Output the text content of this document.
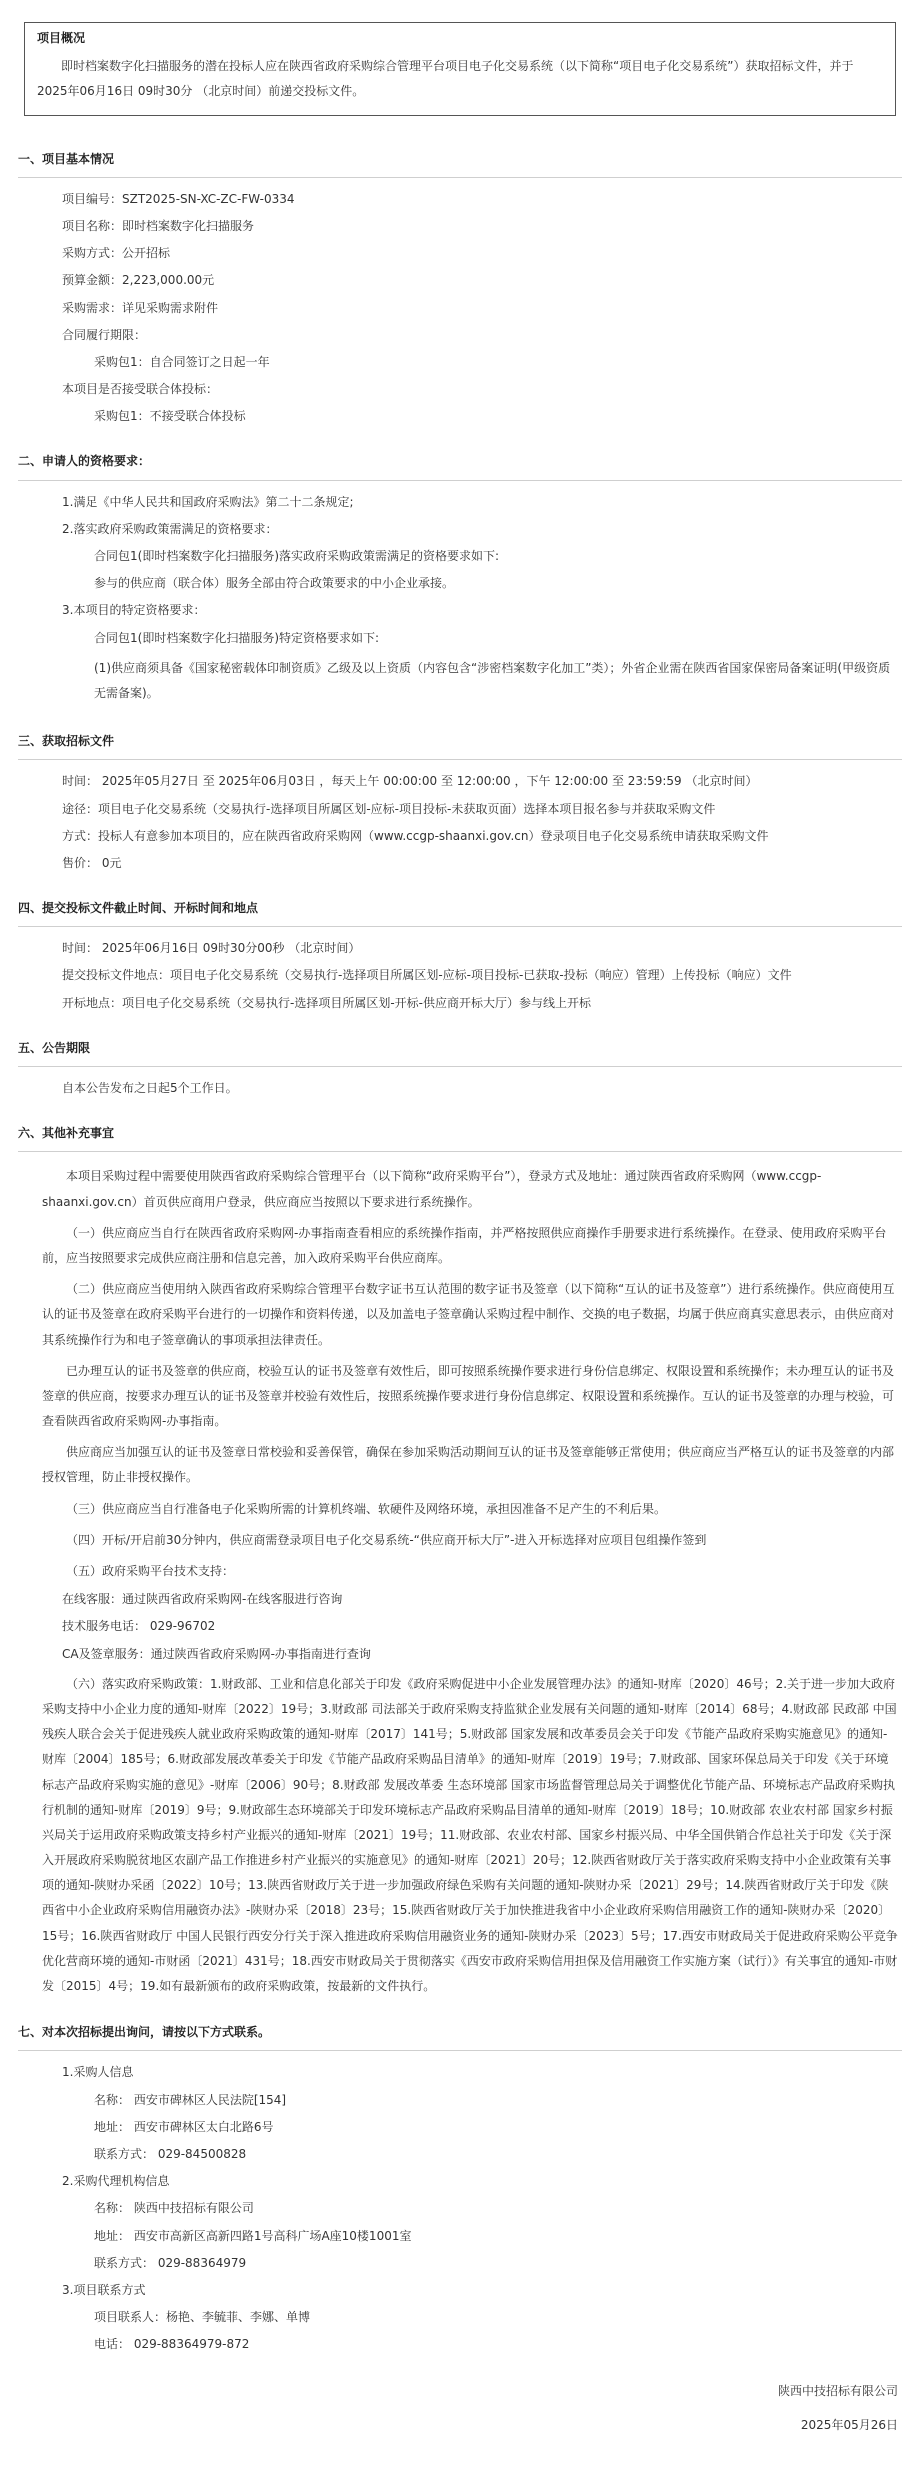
项目概况
即时档案数字化扫描服务的潜在投标人应在陕西省政府采购综合管理平台项目电子化交易系统（以下简称“项目电子化交易系统”）获取招标文件，并于 2025年06月16日 09时30分 （北京时间）前递交投标文件。
一、项目基本情况
项目编号：SZT2025-SN-XC-ZC-FW-0334
项目名称：即时档案数字化扫描服务
采购方式：公开招标
预算金额：2,223,000.00元
采购需求：详见采购需求附件
合同履行期限：
采购包1：自合同签订之日起一年
本项目是否接受联合体投标：
采购包1：不接受联合体投标
二、申请人的资格要求：
1.满足《中华人民共和国政府采购法》第二十二条规定;
2.落实政府采购政策需满足的资格要求：
合同包1(即时档案数字化扫描服务)落实政府采购政策需满足的资格要求如下:
参与的供应商（联合体）服务全部由符合政策要求的中小企业承接。
3.本项目的特定资格要求：
合同包1(即时档案数字化扫描服务)特定资格要求如下:
(1)供应商须具备《国家秘密载体印制资质》乙级及以上资质（内容包含“涉密档案数字化加工”类）；外省企业需在陕西省国家保密局备案证明(甲级资质无需备案)。
三、获取招标文件
时间： 2025年05月27日 至 2025年06月03日 ，每天上午 00:00:00 至 12:00:00 ，下午 12:00:00 至 23:59:59 （北京时间）
途径：项目电子化交易系统（交易执行-选择项目所属区划-应标-项目投标-未获取页面）选择本项目报名参与并获取采购文件
方式：投标人有意参加本项目的，应在陕西省政府采购网（www.ccgp-shaanxi.gov.cn）登录项目电子化交易系统申请获取采购文件
售价： 0元
四、提交投标文件截止时间、开标时间和地点
时间： 2025年06月16日 09时30分00秒 （北京时间）
提交投标文件地点：项目电子化交易系统（交易执行-选择项目所属区划-应标-项目投标-已获取-投标（响应）管理）上传投标（响应）文件
开标地点：项目电子化交易系统（交易执行-选择项目所属区划-开标-供应商开标大厅）参与线上开标
五、公告期限
自本公告发布之日起5个工作日。
六、其他补充事宜
本项目采购过程中需要使用陕西省政府采购综合管理平台（以下简称“政府采购平台”），登录方式及地址：通过陕西省政府采购网（www.ccgp-shaanxi.gov.cn）首页供应商用户登录，供应商应当按照以下要求进行系统操作。
（一）供应商应当自行在陕西省政府采购网-办事指南查看相应的系统操作指南，并严格按照供应商操作手册要求进行系统操作。在登录、使用政府采购平台前，应当按照要求完成供应商注册和信息完善，加入政府采购平台供应商库。
（二）供应商应当使用纳入陕西省政府采购综合管理平台数字证书互认范围的数字证书及签章（以下简称“互认的证书及签章”）进行系统操作。供应商使用互认的证书及签章在政府采购平台进行的一切操作和资料传递，以及加盖电子签章确认采购过程中制作、交换的电子数据，均属于供应商真实意思表示，由供应商对其系统操作行为和电子签章确认的事项承担法律责任。
已办理互认的证书及签章的供应商，校验互认的证书及签章有效性后，即可按照系统操作要求进行身份信息绑定、权限设置和系统操作；未办理互认的证书及签章的供应商，按要求办理互认的证书及签章并校验有效性后，按照系统操作要求进行身份信息绑定、权限设置和系统操作。互认的证书及签章的办理与校验，可查看陕西省政府采购网-办事指南。
供应商应当加强互认的证书及签章日常校验和妥善保管，确保在参加采购活动期间互认的证书及签章能够正常使用；供应商应当严格互认的证书及签章的内部授权管理，防止非授权操作。
（三）供应商应当自行准备电子化采购所需的计算机终端、软硬件及网络环境，承担因准备不足产生的不利后果。
（四）开标/开启前30分钟内，供应商需登录项目电子化交易系统-“供应商开标大厅”-进入开标选择对应项目包组操作签到
（五）政府采购平台技术支持：
在线客服：通过陕西省政府采购网-在线客服进行咨询
技术服务电话： 029-96702
CA及签章服务：通过陕西省政府采购网-办事指南进行查询
（六）落实政府采购政策：1.财政部、工业和信息化部关于印发《政府采购促进中小企业发展管理办法》的通知-财库〔2020〕46号；2.关于进一步加大政府采购支持中小企业力度的通知-财库〔2022〕19号；3.财政部 司法部关于政府采购支持监狱企业发展有关问题的通知-财库〔2014〕68号；4.财政部 民政部 中国残疾人联合会关于促进残疾人就业政府采购政策的通知-财库〔2017〕141号；5.财政部 国家发展和改革委员会关于印发《节能产品政府采购实施意见》的通知-财库〔2004〕185号；6.财政部发展改革委关于印发《节能产品政府采购品目清单》的通知-财库〔2019〕19号；7.财政部、国家环保总局关于印发《关于环境标志产品政府采购实施的意见》-财库〔2006〕90号；8.财政部 发展改革委 生态环境部 国家市场监督管理总局关于调整优化节能产品、环境标志产品政府采购执行机制的通知-财库〔2019〕9号；9.财政部生态环境部关于印发环境标志产品政府采购品目清单的通知-财库〔2019〕18号；10.财政部 农业农村部 国家乡村振兴局关于运用政府采购政策支持乡村产业振兴的通知-财库〔2021〕19号；11.财政部、农业农村部、国家乡村振兴局、中华全国供销合作总社关于印发《关于深入开展政府采购脱贫地区农副产品工作推进乡村产业振兴的实施意见》的通知-财库〔2021〕20号；12.陕西省财政厅关于落实政府采购支持中小企业政策有关事项的通知-陕财办采函〔2022〕10号；13.陕西省财政厅关于进一步加强政府绿色采购有关问题的通知-陕财办采〔2021〕29号；14.陕西省财政厅关于印发《陕西省中小企业政府采购信用融资办法》-陕财办采〔2018〕23号；15.陕西省财政厅关于加快推进我省中小企业政府采购信用融资工作的通知-陕财办采〔2020〕15号；16.陕西省财政厅 中国人民银行西安分行关于深入推进政府采购信用融资业务的通知-陕财办采〔2023〕5号；17.西安市财政局关于促进政府采购公平竞争优化营商环境的通知-市财函〔2021〕431号；18.西安市财政局关于贯彻落实《西安市政府采购信用担保及信用融资工作实施方案（试行）》有关事宜的通知-市财发〔2015〕4号；19.如有最新颁布的政府采购政策，按最新的文件执行。
七、对本次招标提出询问，请按以下方式联系。
1.采购人信息
名称： 西安市碑林区人民法院[154]
地址： 西安市碑林区太白北路6号
联系方式： 029-84500828
2.采购代理机构信息
名称： 陕西中技招标有限公司
地址： 西安市高新区高新四路1号高科广场A座10楼1001室
联系方式： 029-88364979
3.项目联系方式
项目联系人：杨艳、李毓菲、李娜、单博
电话： 029-88364979-872
陕西中技招标有限公司
2025年05月26日
